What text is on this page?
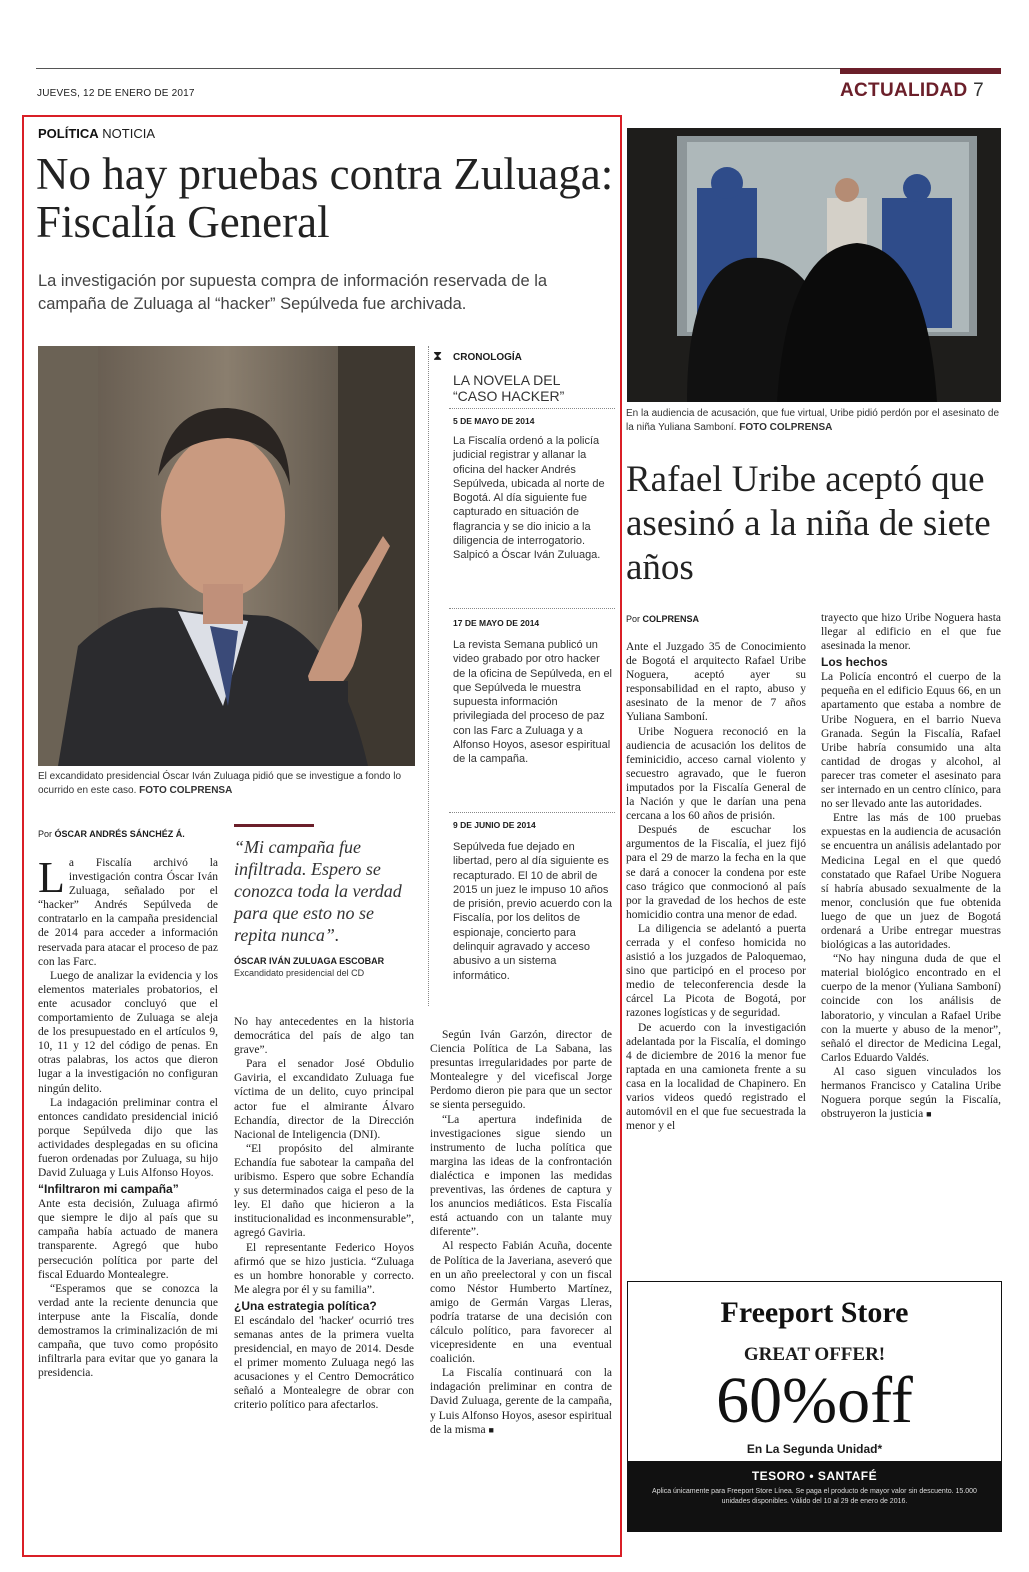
JUEVES, 12 DE ENERO DE 2017	ACTUALIDAD 7
POLÍTICA NOTICIA
No hay pruebas contra Zuluaga: Fiscalía General
La investigación por supuesta compra de información reservada de la campaña de Zuluaga al “hacker” Sepúlveda fue archivada.
El excandidato presidencial Óscar Iván Zuluaga pidió que se investigue a fondo lo ocurrido en este caso. FOTO COLPRENSA
⧗ CRONOLOGÍA
LA NOVELA DEL “CASO HACKER”
5 DE MAYO DE 2014
La Fiscalía ordenó a la policía judicial registrar y allanar la oficina del hacker Andrés Sepúlveda, ubicada al norte de Bogotá. Al día siguiente fue capturado en situación de flagrancia y se dio inicio a la diligencia de interrogatorio. Salpicó a Óscar Iván Zuluaga.
17 DE MAYO DE 2014
La revista Semana publicó un video grabado por otro hacker de la oficina de Sepúlveda, en el que Sepúlveda le muestra supuesta información privilegiada del proceso de paz con las Farc a Zuluaga y a Alfonso Hoyos, asesor espiritual de la campaña.
9 DE JUNIO DE 2014
Sepúlveda fue dejado en libertad, pero al día siguiente es recapturado. El 10 de abril de 2015 un juez le impuso 10 años de prisión, previo acuerdo con la Fiscalía, por los delitos de espionaje, concierto para delinquir agravado y acceso abusivo a un sistema informático.
Por ÓSCAR ANDRÉS SÁNCHÉZ Á.

La Fiscalía archivó la investigación contra Óscar Iván Zuluaga, señalado por el “hacker” Andrés Sepúlveda de contratarlo en la campaña presidencial de 2014 para acceder a información reservada para atacar el proceso de paz con las Farc.

Luego de analizar la evidencia y los elementos materiales probatorios, el ente acusador concluyó que el comportamiento de Zuluaga se aleja de los presupuestado en el artículos 9, 10, 11 y 12 del código de penas. En otras palabras, los actos que dieron lugar a la investigación no configuran ningún delito.

La indagación preliminar contra el entonces candidato presidencial inició porque Sepúlveda dijo que las actividades desplegadas en su oficina fueron ordenadas por Zuluaga, su hijo David Zuluaga y Luis Alfonso Hoyos.

“Infiltraron mi campaña”

Ante esta decisión, Zuluaga afirmó que siempre le dijo al país que su campaña había actuado de manera transparente. Agregó que hubo persecución política por parte del fiscal Eduardo Montealegre.

“Esperamos que se conozca la verdad ante la reciente denuncia que interpuse ante la Fiscalía, donde demostramos la criminalización de mi campaña, que tuvo como propósito infiltrarla para evitar que yo ganara la presidencia.

“Mi campaña fue infiltrada. Espero se conozca toda la verdad para que esto no se repita nunca”.
ÓSCAR IVÁN ZULUAGA ESCOBAR
Excandidato presidencial del CD

No hay antecedentes en la historia democrática del país de algo tan grave”.

Para el senador José Obdulio Gaviria, el excandidato Zuluaga fue víctima de un delito, cuyo principal actor fue el almirante Álvaro Echandía, director de la Dirección Nacional de Inteligencia (DNI).

“El propósito del almirante Echandía fue sabotear la campaña del uribismo. Espero que sobre Echandía y sus determinados caiga el peso de la ley. El daño que hicieron a la institucionalidad es inconmensurable”, agregó Gaviria.

El representante Federico Hoyos afirmó que se hizo justicia. “Zuluaga es un hombre honorable y correcto. Me alegra por él y su familia”.

¿Una estrategia política?

El escándalo del 'hacker' ocurrió tres semanas antes de la primera vuelta presidencial, en mayo de 2014. Desde el primer momento Zuluaga negó las acusaciones y el Centro Democrático señaló a Montealegre de obrar con criterio político para afectarlos.

Según Iván Garzón, director de Ciencia Política de La Sabana, las presuntas irregularidades por parte de Montealegre y del vicefiscal Jorge Perdomo dieron pie para que un sector se sienta perseguido.

“La apertura indefinida de investigaciones sigue siendo un instrumento de lucha política que margina las ideas de la confrontación dialéctica e imponen las medidas preventivas, las órdenes de captura y los anuncios mediáticos. Esta Fiscalía está actuando con un talante muy diferente”.

Al respecto Fabián Acuña, docente de Política de la Javeriana, aseveró que en un año preelectoral y con un fiscal como Néstor Humberto Martínez, amigo de Germán Vargas Lleras, podría tratarse de una decisión con cálculo político, para favorecer al vicepresidente en una eventual coalición.

La Fiscalía continuará con la indagación preliminar en contra de David Zuluaga, gerente de la campaña, y Luis Alfonso Hoyos, asesor espiritual de la misma ■

En la audiencia de acusación, que fue virtual, Uribe pidió perdón por el asesinato de la niña Yuliana Samboní. FOTO COLPRENSA
Rafael Uribe aceptó que asesinó a la niña de siete años
Por COLPRENSA

Ante el Juzgado 35 de Conocimiento de Bogotá el arquitecto Rafael Uribe Noguera, aceptó ayer su responsabilidad en el rapto, abuso y asesinato de la menor de 7 años Yuliana Samboní.

Uribe Noguera reconoció en la audiencia de acusación los delitos de feminicidio, acceso carnal violento y secuestro agravado, que le fueron imputados por la Fiscalía General de la Nación y que le darían una pena cercana a los 60 años de prisión.

Después de escuchar los argumentos de la Fiscalía, el juez fijó para el 29 de marzo la fecha en la que se dará a conocer la condena por este caso trágico que conmocionó al país por la gravedad de los hechos de este homicidio contra una menor de edad.

La diligencia se adelantó a puerta cerrada y el confeso homicida no asistió a los juzgados de Paloquemao, sino que participó en el proceso por medio de teleconferencia desde la cárcel La Picota de Bogotá, por razones logísticas y de seguridad.

De acuerdo con la investigación adelantada por la Fiscalía, el domingo 4 de diciembre de 2016 la menor fue raptada en una camioneta frente a su casa en la localidad de Chapinero. En varios videos quedó registrado el automóvil en el que fue secuestrada la menor y el

trayecto que hizo Uribe Noguera hasta llegar al edificio en el que fue asesinada la menor.

Los hechos

La Policía encontró el cuerpo de la pequeña en el edificio Equus 66, en un apartamento que estaba a nombre de Uribe Noguera, en el barrio Nueva Granada. Según la Fiscalía, Rafael Uribe habría consumido una alta cantidad de drogas y alcohol, al parecer tras cometer el asesinato para ser internado en un centro clínico, para no ser llevado ante las autoridades.

Entre las más de 100 pruebas expuestas en la audiencia de acusación se encuentra un análisis adelantado por Medicina Legal en el que quedó constatado que Rafael Uribe Noguera sí habría abusado sexualmente de la menor, conclusión que fue obtenida luego de que un juez de Bogotá ordenará a Uribe entregar muestras biológicas a las autoridades.

“No hay ninguna duda de que el material biológico encontrado en el cuerpo de la menor (Yuliana Samboní) coincide con los análisis de laboratorio, y vinculan a Rafael Uribe con la muerte y abuso de la menor”, señaló el director de Medicina Legal, Carlos Eduardo Valdés.

Al caso siguen vinculados los hermanos Francisco y Catalina Uribe Noguera porque según la Fiscalía, obstruyeron la justicia ■

Freeport Store
GREAT OFFER!
60%off
En La Segunda Unidad*
TESORO • SANTAFÉ
Aplica únicamente para Freeport Store Línea. Se paga el producto de mayor valor sin descuento. 15.000 unidades disponibles. Válido del 10 al 29 de enero de 2016.
